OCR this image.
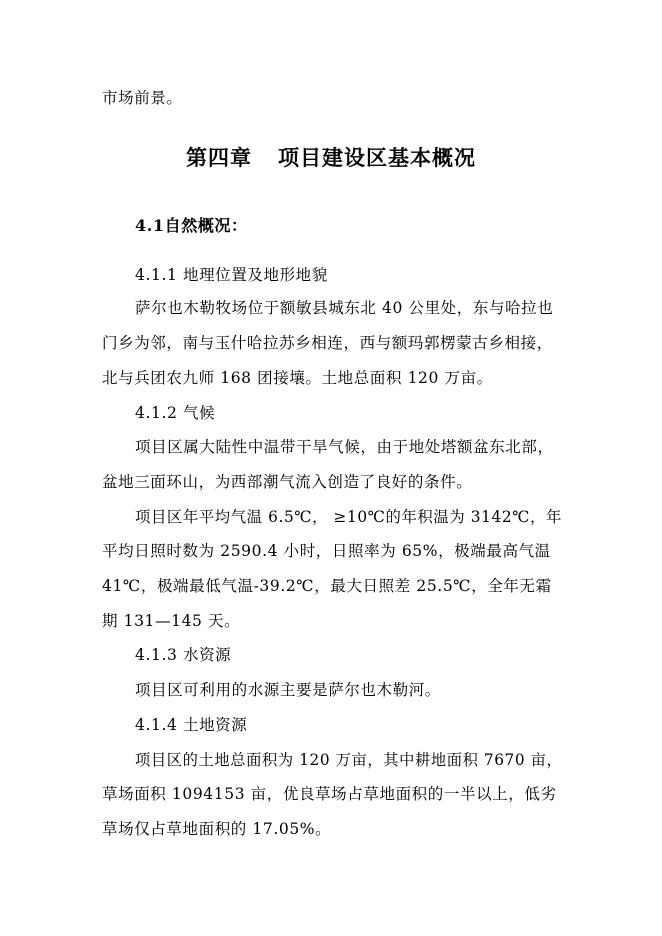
市场前景。
第四章 项目建设区基本概况
4.1自然概况：
4.1.1 地理位置及地形地貌
萨尔也木勒牧场位于额敏县城东北 40 公里处，东与哈拉也
门乡为邻，南与玉什哈拉苏乡相连，西与额玛郭楞蒙古乡相接，
北与兵团农九师 168 团接壤。土地总面积 120 万亩。
4.1.2 气候
项目区属大陆性中温带干旱气候，由于地处塔额盆东北部，
盆地三面环山，为西部潮气流入创造了良好的条件。
项目区年平均气温 6.5℃， ≥10℃的年积温为 3142℃，年
平均日照时数为 2590.4 小时，日照率为 65%，极端最高气温
41℃，极端最低气温-39.2℃，最大日照差 25.5℃，全年无霜
期 131—145 天。
4.1.3 水资源
项目区可利用的水源主要是萨尔也木勒河。
4.1.4 土地资源
项目区的土地总面积为 120 万亩，其中耕地面积 7670 亩，
草场面积 1094153 亩，优良草场占草地面积的一半以上，低劣
草场仅占草地面积的 17.05%。
